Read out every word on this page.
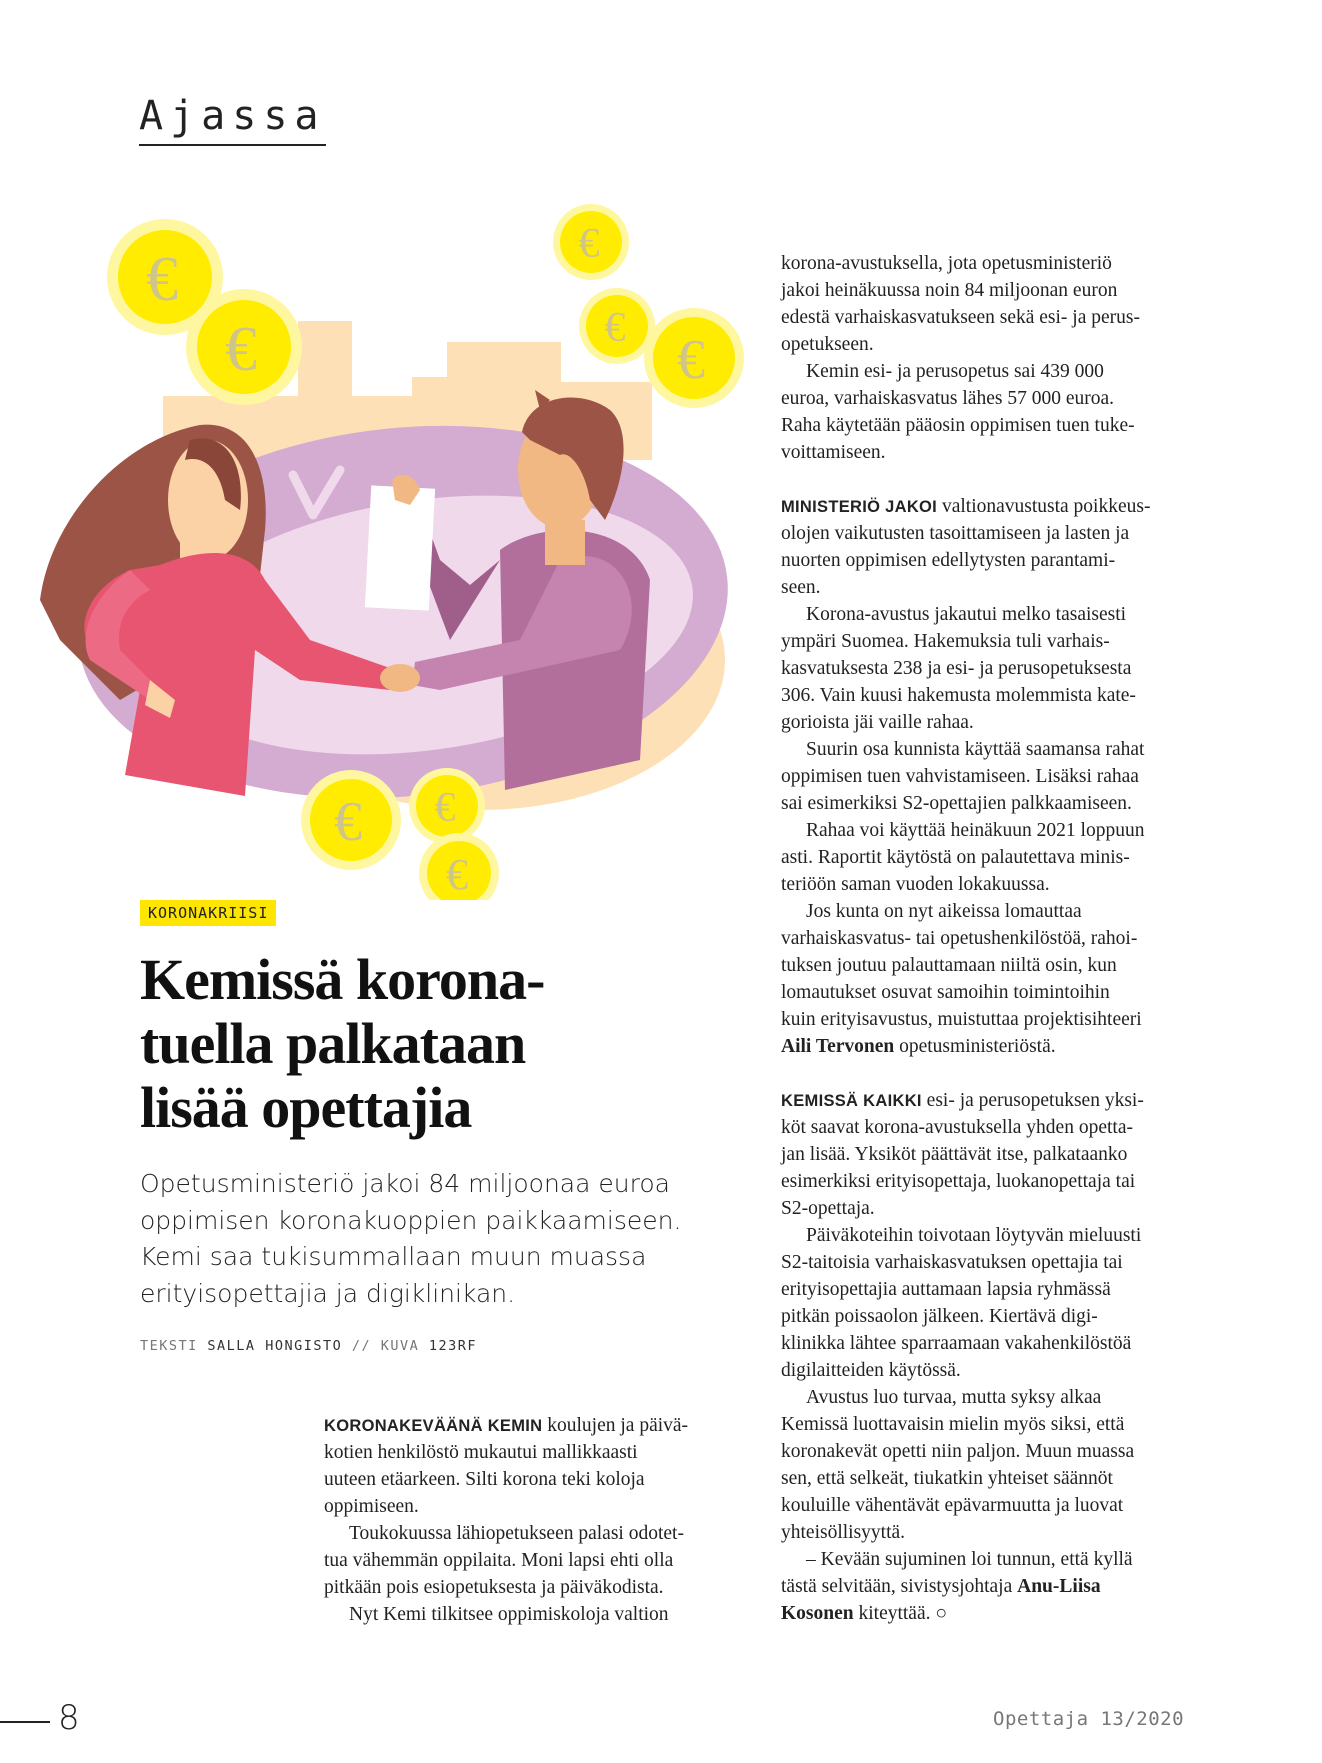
Ajassa
€
€
€
€
€
€ €
€
KORONAKRIISI
Kemissä korona-
tuella palkataan
lisää opettajia
Opetusministeriö jakoi 84 miljoonaa euroa
oppimisen koronakuoppien paikkaamiseen.
Kemi saa tukisummallaan muun muassa
erityisopettajia ja digiklinikan.
TEKSTI SALLA HONGISTO // KUVA 123RF
KORONAKEVÄÄNÄ KEMIN koulujen ja päivä-
kotien henkilöstö mukautui mallikkaasti
uuteen etäarkeen. Silti korona teki koloja
oppimiseen.
Toukokuussa lähiopetukseen palasi odotet-
tua vähemmän oppilaita. Moni lapsi ehti olla
pitkään pois esiopetuksesta ja päiväkodista.
Nyt Kemi tilkitsee oppimiskoloja valtion
korona-avustuksella, jota opetusministeriö
jakoi heinäkuussa noin 84 miljoonan euron
edestä varhaiskasvatukseen sekä esi- ja perus-
opetukseen.
Kemin esi- ja perusopetus sai 439 000
euroa, varhaiskasvatus lähes 57 000 euroa.
Raha käytetään pääosin oppimisen tuen tuke-
voittamiseen.
MINISTERIÖ JAKOI valtionavustusta poikkeus-
olojen vaikutusten tasoittamiseen ja lasten ja
nuorten oppimisen edellytysten parantami-
seen.
Korona-avustus jakautui melko tasaisesti
ympäri Suomea. Hakemuksia tuli varhais-
kasvatuksesta 238 ja esi- ja perusopetuksesta
306. Vain kuusi hakemusta molemmista kate-
gorioista jäi vaille rahaa.
Suurin osa kunnista käyttää saamansa rahat
oppimisen tuen vahvistamiseen. Lisäksi rahaa
sai esimerkiksi S2-opettajien palkkaamiseen.
Rahaa voi käyttää heinäkuun 2021 loppuun
asti. Raportit käytöstä on palautettava minis-
teriöön saman vuoden lokakuussa.
Jos kunta on nyt aikeissa lomauttaa
varhaiskasvatus- tai opetushenkilöstöä, rahoi-
tuksen joutuu palauttamaan niiltä osin, kun
lomautukset osuvat samoihin toimintoihin
kuin erityisavustus, muistuttaa projektisihteeri
Aili Tervonen opetusministeriöstä.
KEMISSÄ KAIKKI esi- ja perusopetuksen yksi-
köt saavat korona-avustuksella yhden opetta-
jan lisää. Yksiköt päättävät itse, palkataanko
esimerkiksi erityisopettaja, luokanopettaja tai
S2-opettaja.
Päiväkoteihin toivotaan löytyvän mieluusti
S2-taitoisia varhaiskasvatuksen opettajia tai
erityisopettajia auttamaan lapsia ryhmässä
pitkän poissaolon jälkeen. Kiertävä digi-
klinikka lähtee sparraamaan vakahenkilöstöä
digilaitteiden käytössä.
Avustus luo turvaa, mutta syksy alkaa
Kemissä luottavaisin mielin myös siksi, että
koronakevät opetti niin paljon. Muun muassa
sen, että selkeät, tiukatkin yhteiset säännöt
kouluille vähentävät epävarmuutta ja luovat
yhteisöllisyyttä.
– Kevään sujuminen loi tunnun, että kyllä
tästä selvitään, sivistysjohtaja Anu-Liisa
Kosonen kiteyttää. ○
8	Opettaja 13/2020
